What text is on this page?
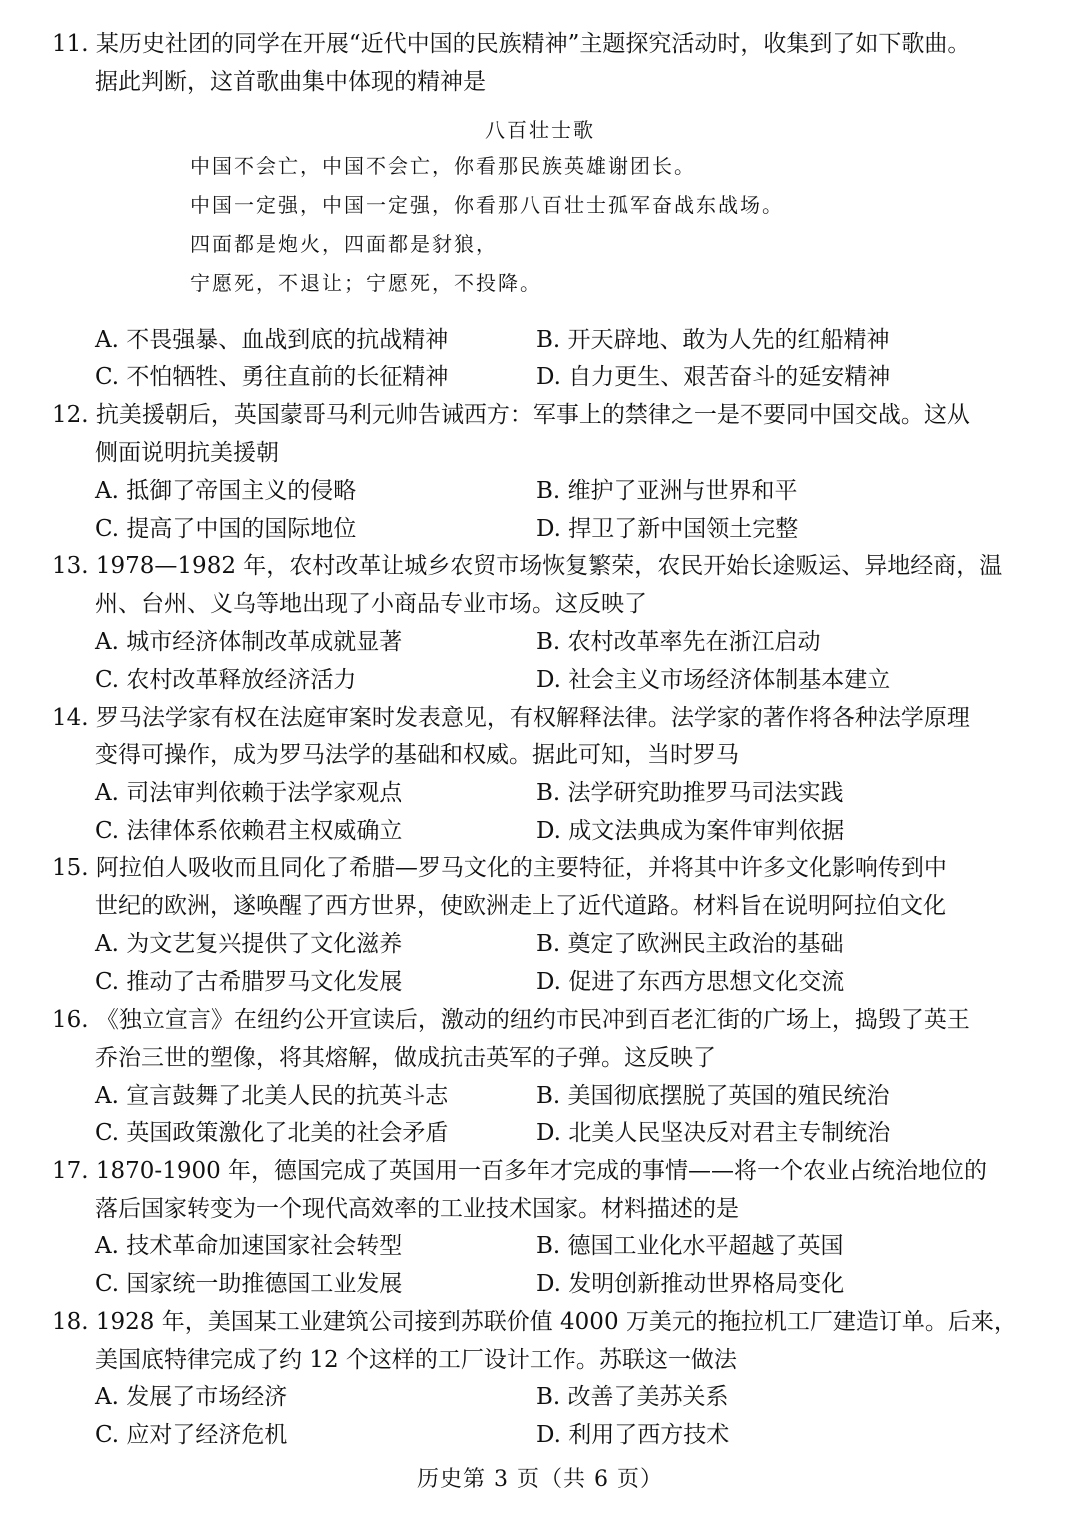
11. 某历史社团的同学在开展“近代中国的民族精神”主题探究活动时，收集到了如下歌曲。
据此判断，这首歌曲集中体现的精神是
八百壮士歌
中国不会亡，中国不会亡，你看那民族英雄谢团长。
中国一定强，中国一定强，你看那八百壮士孤军奋战东战场。
四面都是炮火，四面都是豺狼，
宁愿死，不退让；宁愿死，不投降。
A. 不畏强暴、血战到底的抗战精神	B. 开天辟地、敢为人先的红船精神
C. 不怕牺牲、勇往直前的长征精神	D. 自力更生、艰苦奋斗的延安精神
12. 抗美援朝后，英国蒙哥马利元帅告诫西方：军事上的禁律之一是不要同中国交战。这从
侧面说明抗美援朝
A. 抵御了帝国主义的侵略	B. 维护了亚洲与世界和平
C. 提高了中国的国际地位	D. 捍卫了新中国领土完整
13. 1978—1982 年，农村改革让城乡农贸市场恢复繁荣，农民开始长途贩运、异地经商，温
州、台州、义乌等地出现了小商品专业市场。这反映了
A. 城市经济体制改革成就显著	B. 农村改革率先在浙江启动
C. 农村改革释放经济活力	D. 社会主义市场经济体制基本建立
14. 罗马法学家有权在法庭审案时发表意见，有权解释法律。法学家的著作将各种法学原理
变得可操作，成为罗马法学的基础和权威。据此可知，当时罗马
A. 司法审判依赖于法学家观点	B. 法学研究助推罗马司法实践
C. 法律体系依赖君主权威确立	D. 成文法典成为案件审判依据
15. 阿拉伯人吸收而且同化了希腊—罗马文化的主要特征，并将其中许多文化影响传到中
世纪的欧洲，遂唤醒了西方世界，使欧洲走上了近代道路。材料旨在说明阿拉伯文化
A. 为文艺复兴提供了文化滋养	B. 奠定了欧洲民主政治的基础
C. 推动了古希腊罗马文化发展	D. 促进了东西方思想文化交流
16. 《独立宣言》在纽约公开宣读后，激动的纽约市民冲到百老汇街的广场上，捣毁了英王
乔治三世的塑像，将其熔解，做成抗击英军的子弹。这反映了
A. 宣言鼓舞了北美人民的抗英斗志	B. 美国彻底摆脱了英国的殖民统治
C. 英国政策激化了北美的社会矛盾	D. 北美人民坚决反对君主专制统治
17. 1870-1900 年，德国完成了英国用一百多年才完成的事情——将一个农业占统治地位的
落后国家转变为一个现代高效率的工业技术国家。材料描述的是
A. 技术革命加速国家社会转型	B. 德国工业化水平超越了英国
C. 国家统一助推德国工业发展	D. 发明创新推动世界格局变化
18. 1928 年，美国某工业建筑公司接到苏联价值 4000 万美元的拖拉机工厂建造订单。后来，
美国底特律完成了约 12 个这样的工厂设计工作。苏联这一做法
A. 发展了市场经济	B. 改善了美苏关系
C. 应对了经济危机	D. 利用了西方技术
历史第 3 页（共 6 页）
